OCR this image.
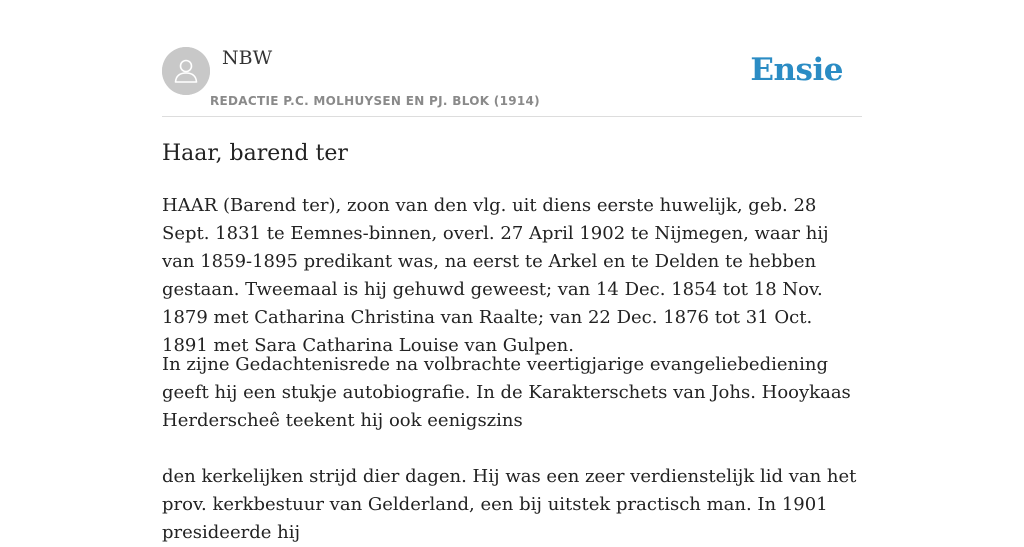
NBW
REDACTIE P.C. MOLHUYSEN EN PJ. BLOK (1914)
Ensie
Haar, barend ter

HAAR (Barend ter), zoon van den vlg. uit diens eerste huwelijk, geb. 28 Sept. 1831 te Eemnes-binnen, overl. 27 April 1902 te Nijmegen, waar hij van 1859-1895 predikant was, na eerst te Arkel en te Delden te hebben gestaan. Tweemaal is hij gehuwd geweest; van 14 Dec. 1854 tot 18 Nov. 1879 met Catharina Christina van Raalte; van 22 Dec. 1876 tot 31 Oct. 1891 met Sara Catharina Louise van Gulpen.

In zijne Gedachtenisrede na volbrachte veertigjarige evangeliebediening geeft hij een stukje autobiografie. In de Karakterschets van Johs. Hooykaas Herderscheê teekent hij ook eenigszins

den kerkelijken strijd dier dagen. Hij was een zeer verdienstelijk lid van het prov. kerkbestuur van Gelderland, een bij uitstek practisch man. In 1901 presideerde hij
